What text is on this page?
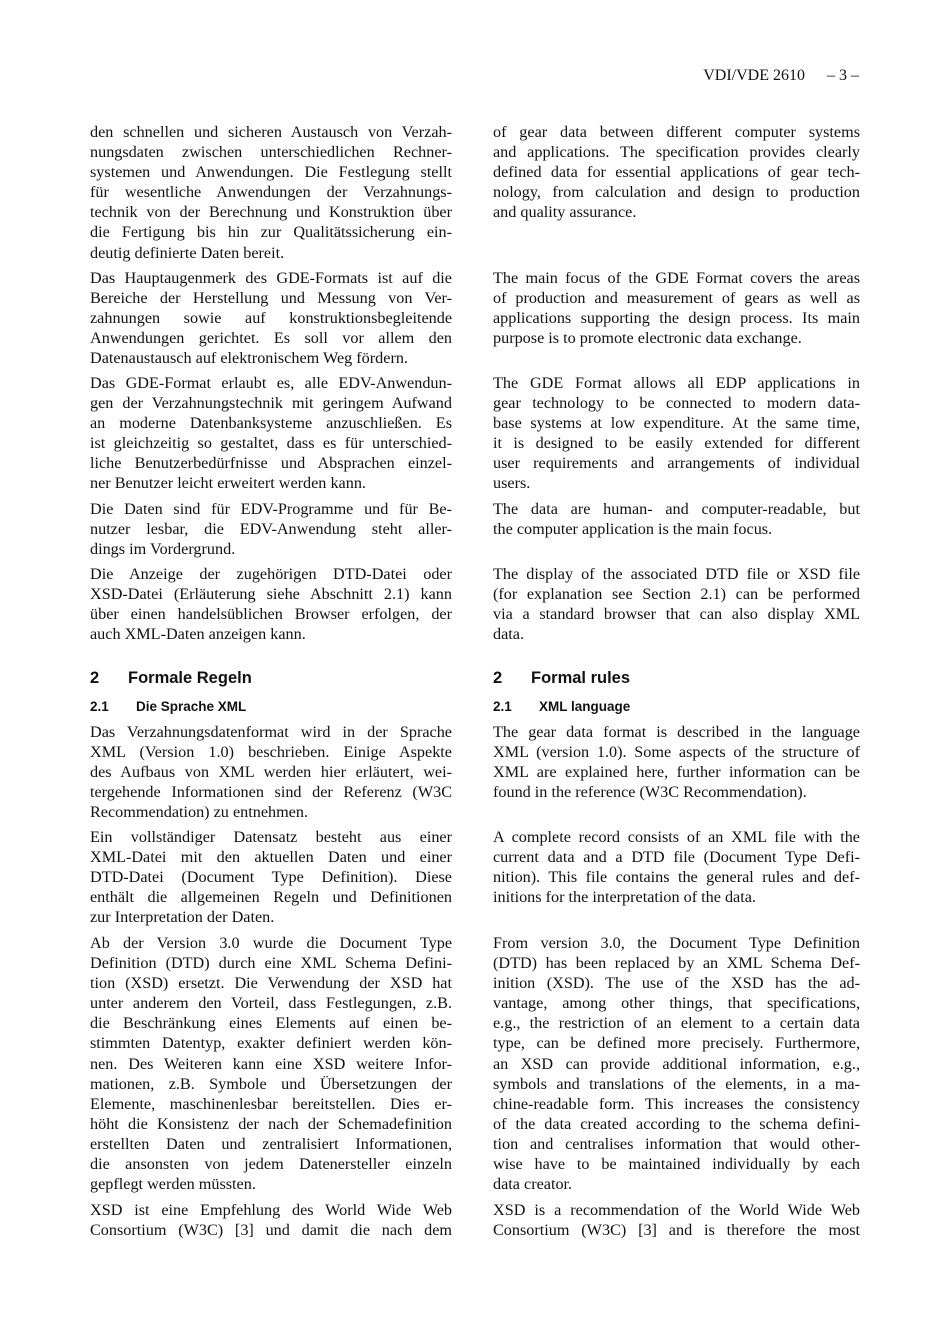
VDI/VDE 2610 – 3 –
2 Formale Regeln
2.1 Die Sprache XML
2 Formal rules
2.1 XML language
den schnellen und sicheren Austausch von Verzah-
nungsdaten zwischen unterschiedlichen Rechner-
systemen und Anwendungen. Die Festlegung stellt
für wesentliche Anwendungen der Verzahnungs-
technik von der Berechnung und Konstruktion über
die Fertigung bis hin zur Qualitätssicherung ein-
deutig definierte Daten bereit.
Das Hauptaugenmerk des GDE-Formats ist auf die
Bereiche der Herstellung und Messung von Ver-
zahnungen sowie auf konstruktionsbegleitende
Anwendungen gerichtet. Es soll vor allem den
Datenaustausch auf elektronischem Weg fördern.
Das GDE-Format erlaubt es, alle EDV-Anwendun-
gen der Verzahnungstechnik mit geringem Aufwand
an moderne Datenbanksysteme anzuschließen. Es
ist gleichzeitig so gestaltet, dass es für unterschied-
liche Benutzerbedürfnisse und Absprachen einzel-
ner Benutzer leicht erweitert werden kann.
Die Daten sind für EDV-Programme und für Be-
nutzer lesbar, die EDV-Anwendung steht aller-
dings im Vordergrund.
Die Anzeige der zugehörigen DTD-Datei oder
XSD-Datei (Erläuterung siehe Abschnitt 2.1) kann
über einen handelsüblichen Browser erfolgen, der
auch XML-Daten anzeigen kann.
Das Verzahnungsdatenformat wird in der Sprache
XML (Version 1.0) beschrieben. Einige Aspekte
des Aufbaus von XML werden hier erläutert, wei-
tergehende Informationen sind der Referenz (W3C
Recommendation) zu entnehmen.
Ein vollständiger Datensatz besteht aus einer
XML-Datei mit den aktuellen Daten und einer
DTD-Datei (Document Type Definition). Diese
enthält die allgemeinen Regeln und Definitionen
zur Interpretation der Daten.
Ab der Version 3.0 wurde die Document Type
Definition (DTD) durch eine XML Schema Defini-
tion (XSD) ersetzt. Die Verwendung der XSD hat
unter anderem den Vorteil, dass Festlegungen, z.B.
die Beschränkung eines Elements auf einen be-
stimmten Datentyp, exakter definiert werden kön-
nen. Des Weiteren kann eine XSD weitere Infor-
mationen, z.B. Symbole und Übersetzungen der
Elemente, maschinenlesbar bereitstellen. Dies er-
höht die Konsistenz der nach der Schemadefinition
erstellten Daten und zentralisiert Informationen,
die ansonsten von jedem Datenersteller einzeln
gepflegt werden müssten.
XSD ist eine Empfehlung des World Wide Web
Consortium (W3C) [3] und damit die nach dem
of gear data between different computer systems
and applications. The specification provides clearly
defined data for essential applications of gear tech-
nology, from calculation and design to production
and quality assurance.
The main focus of the GDE Format covers the areas
of production and measurement of gears as well as
applications supporting the design process. Its main
purpose is to promote electronic data exchange.
The GDE Format allows all EDP applications in
gear technology to be connected to modern data-
base systems at low expenditure. At the same time,
it is designed to be easily extended for different
user requirements and arrangements of individual
users.
The data are human- and computer-readable, but
the computer application is the main focus.
The display of the associated DTD file or XSD file
(for explanation see Section 2.1) can be performed
via a standard browser that can also display XML
data.
The gear data format is described in the language
XML (version 1.0). Some aspects of the structure of
XML are explained here, further information can be
found in the reference (W3C Recommendation).
A complete record consists of an XML file with the
current data and a DTD file (Document Type Defi-
nition). This file contains the general rules and def-
initions for the interpretation of the data.
From version 3.0, the Document Type Definition
(DTD) has been replaced by an XML Schema Def-
inition (XSD). The use of the XSD has the ad-
vantage, among other things, that specifications,
e.g., the restriction of an element to a certain data
type, can be defined more precisely. Furthermore,
an XSD can provide additional information, e.g.,
symbols and translations of the elements, in a ma-
chine-readable form. This increases the consistency
of the data created according to the schema defini-
tion and centralises information that would other-
wise have to be maintained individually by each
data creator.
XSD is a recommendation of the World Wide Web
Consortium (W3C) [3] and is therefore the most
